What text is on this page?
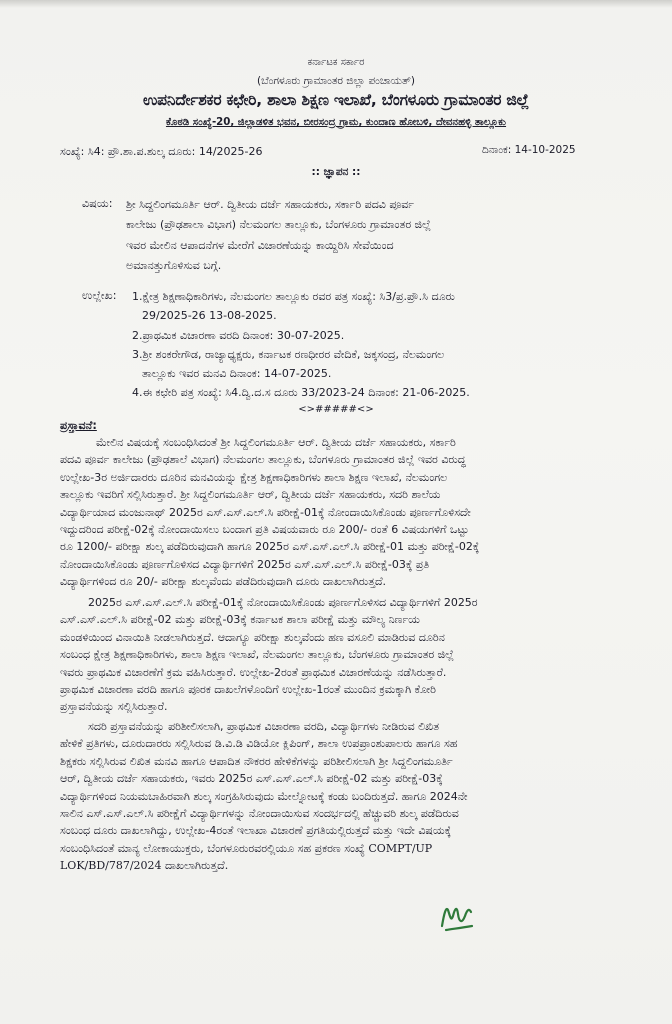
ಕರ್ನಾಟಕ ಸರ್ಕಾರ
(ಬೆಂಗಳೂರು ಗ್ರಾಮಾಂತರ ಜಿಲ್ಲಾ ಪಂಚಾಯತ್)
ಉಪನಿರ್ದೇಶಕರ ಕಛೇರಿ, ಶಾಲಾ ಶಿಕ್ಷಣ ಇಲಾಖೆ, ಬೆಂಗಳೂರು ಗ್ರಾಮಾಂತರ ಜಿಲ್ಲೆ
ಕೊಠಡಿ ಸಂಖ್ಯೆ-20, ಜಿಲ್ಲಾಡಳಿತ ಭವನ, ಬೀರಸಂದ್ರ ಗ್ರಾಮ, ಕುಂದಾಣ ಹೋಬಳಿ, ದೇವನಹಳ್ಳಿ ತಾಲ್ಲೂಕು
ಸಂಖ್ಯೆ: ಸಿ4: ಪ್ರೌ.ಶಾ.ಪ.ಶುಲ್ಕ ದೂರು: 14/2025-26	ದಿನಾಂಕ: 14-10-2025
:: ಜ್ಞಾಪನ ::
ವಿಷಯ: ಶ್ರೀ ಸಿದ್ದಲಿಂಗಮೂರ್ತಿ ಆರ್. ದ್ವಿತೀಯ ದರ್ಜೆ ಸಹಾಯಕರು, ಸರ್ಕಾರಿ ಪದವಿ ಪೂರ್ವ
ಕಾಲೇಜು (ಪ್ರೌಢಶಾಲಾ ವಿಭಾಗ) ನೆಲಮಂಗಲ ತಾಲ್ಲೂಕು, ಬೆಂಗಳೂರು ಗ್ರಾಮಾಂತರ ಜಿಲ್ಲೆ
ಇವರ ಮೇಲಿನ ಆಪಾದನೆಗಳ ಮೇರೆಗೆ ವಿಚಾರಣೆಯನ್ನು ಕಾಯ್ದಿರಿಸಿ ಸೇವೆಯಿಂದ
ಅಮಾನತ್ತುಗೊಳಿಸುವ ಬಗ್ಗೆ.
ಉಲ್ಲೇಖ: 1.ಕ್ಷೇತ್ರ ಶಿಕ್ಷಣಾಧಿಕಾರಿಗಳು, ನೆಲಮಂಗಲ ತಾಲ್ಲೂಕು ರವರ ಪತ್ರ ಸಂಖ್ಯೆ: ಸಿ3/ಪ್ರ.ಪ್ರೌ.ಸಿ ದೂರು
29/2025-26 13-08-2025.
2.ಪ್ರಾಥಮಿಕ ವಿಚಾರಣಾ ವರದಿ ದಿನಾಂಕ: 30-07-2025.
3.ಶ್ರೀ ಶಂಕರೇಗೌಡ, ರಾಜ್ಯಾಧ್ಯಕ್ಷರು, ಕರ್ನಾಟಕ ರಣಧೀರರ ವೇದಿಕೆ, ಜಕ್ಕಸಂದ್ರ, ನೆಲಮಂಗಲ
ತಾಲ್ಲೂಕು ಇವರ ಮನವಿ ದಿನಾಂಕ: 14-07-2025.
4.ಈ ಕಛೇರಿ ಪತ್ರ ಸಂಖ್ಯೆ: ಸಿ4.ದ್ವಿ.ದ.ಸ ದೂರು 33/2023-24 ದಿನಾಂಕ: 21-06-2025.
<>#####<>
ಪ್ರಸ್ತಾವನೆ:
ಮೇಲಿನ ವಿಷಯಕ್ಕೆ ಸಂಬಂಧಿಸಿದಂತೆ ಶ್ರೀ ಸಿದ್ದಲಿಂಗಮೂರ್ತಿ ಆರ್. ದ್ವಿತೀಯ ದರ್ಜೆ ಸಹಾಯಕರು, ಸರ್ಕಾರಿ
ಪದವಿ ಪೂರ್ವ ಕಾಲೇಜು (ಪ್ರೌಢಶಾಲೆ ವಿಭಾಗ) ನೆಲಮಂಗಲ ತಾಲ್ಲೂಕು, ಬೆಂಗಳೂರು ಗ್ರಾಮಾಂತರ ಜಿಲ್ಲೆ ಇವರ ವಿರುದ್ಧ
ಉಲ್ಲೇಖ-3ರ ಅರ್ಜಿದಾರರು ದೂರಿನ ಮನವಿಯನ್ನು ಕ್ಷೇತ್ರ ಶಿಕ್ಷಣಾಧಿಕಾರಿಗಳು ಶಾಲಾ ಶಿಕ್ಷಣ ಇಲಾಖೆ, ನೆಲಮಂಗಲ
ತಾಲ್ಲೂಕು ಇವರಿಗೆ ಸಲ್ಲಿಸಿರುತ್ತಾರೆ. ಶ್ರೀ ಸಿದ್ದಲಿಂಗಮೂರ್ತಿ ಆರ್, ದ್ವಿತೀಯ ದರ್ಜೆ ಸಹಾಯಕರು, ಸದರಿ ಶಾಲೆಯ
ವಿದ್ಯಾರ್ಥಿಯಾದ ಮಂಜುನಾಥ್ 2025ರ ಎಸ್.ಎಸ್.ಎಲ್.ಸಿ ಪರೀಕ್ಷೆ-01ಕ್ಕೆ ನೋಂದಾಯಿಸಿಕೊಂಡು ಪೂರ್ಣಗೊಳಿಸದೇ
ಇದ್ದುದರಿಂದ ಪರೀಕ್ಷೆ-02ಕ್ಕೆ ನೋಂದಾಯಿಸಲು ಬಂದಾಗ ಪ್ರತಿ ವಿಷಯವಾರು ರೂ 200/- ರಂತೆ 6 ವಿಷಯಗಳಿಗೆ ಒಟ್ಟು
ರೂ 1200/- ಪರೀಕ್ಷಾ ಶುಲ್ಕ ಪಡೆದಿರುವುದಾಗಿ ಹಾಗೂ 2025ರ ಎಸ್.ಎಸ್.ಎಲ್.ಸಿ ಪರೀಕ್ಷೆ-01 ಮತ್ತು ಪರೀಕ್ಷೆ-02ಕ್ಕೆ
ನೋಂದಾಯಿಸಿಕೊಂಡು ಪೂರ್ಣಗೊಳಿಸದ ವಿದ್ಯಾರ್ಥಿಗಳಿಗೆ 2025ರ ಎಸ್.ಎಸ್.ಎಲ್.ಸಿ ಪರೀಕ್ಷೆ-03ಕ್ಕೆ ಪ್ರತಿ
ವಿದ್ಯಾರ್ಥಿಗಳಿಂದ ರೂ 20/- ಪರೀಕ್ಷಾ ಶುಲ್ಕವೆಂದು ಪಡೆದಿರುವುದಾಗಿ ದೂರು ದಾಖಲಾಗಿರುತ್ತದೆ.
2025ರ ಎಸ್.ಎಸ್.ಎಲ್.ಸಿ ಪರೀಕ್ಷೆ-01ಕ್ಕೆ ನೋಂದಾಯಿಸಿಕೊಂಡು ಪೂರ್ಣಗೊಳಿಸದ ವಿದ್ಯಾರ್ಥಿಗಳಿಗೆ 2025ರ
ಎಸ್.ಎಸ್.ಎಲ್.ಸಿ ಪರೀಕ್ಷೆ-02 ಮತ್ತು ಪರೀಕ್ಷೆ-03ಕ್ಕೆ ಕರ್ನಾಟಕ ಶಾಲಾ ಪರೀಕ್ಷೆ ಮತ್ತು ಮೌಲ್ಯ ನಿರ್ಣಯ
ಮಂಡಳಿಯಿಂದ ವಿನಾಯಿತಿ ನೀಡಲಾಗಿರುತ್ತದೆ. ಆದಾಗ್ಯೂ ಪರೀಕ್ಷಾ ಶುಲ್ಕವೆಂದು ಹಣ ವಸೂಲಿ ಮಾಡಿರುವ ದೂರಿನ
ಸಂಬಂಧ ಕ್ಷೇತ್ರ ಶಿಕ್ಷಣಾಧಿಕಾರಿಗಳು, ಶಾಲಾ ಶಿಕ್ಷಣ ಇಲಾಖೆ, ನೆಲಮಂಗಲ ತಾಲ್ಲೂಕು, ಬೆಂಗಳೂರು ಗ್ರಾಮಾಂತರ ಜಿಲ್ಲೆ
ಇವರು ಪ್ರಾಥಮಿಕ ವಿಚಾರಣೆಗೆ ಕ್ರಮ ವಹಿಸಿರುತ್ತಾರೆ. ಉಲ್ಲೇಖ-2ರಂತೆ ಪ್ರಾಥಮಿಕ ವಿಚಾರಣೆಯನ್ನು ನಡೆಸಿರುತ್ತಾರೆ.
ಪ್ರಾಥಮಿಕ ವಿಚಾರಣಾ ವರದಿ ಹಾಗೂ ಪೂರಕ ದಾಖಲೆಗಳೊಂದಿಗೆ ಉಲ್ಲೇಖ-1ರಂತೆ ಮುಂದಿನ ಕ್ರಮಕ್ಕಾಗಿ ಕೋರಿ
ಪ್ರಸ್ತಾವನೆಯನ್ನು ಸಲ್ಲಿಸಿರುತ್ತಾರೆ.
ಸದರಿ ಪ್ರಸ್ತಾವನೆಯನ್ನು ಪರಿಶೀಲಿಸಲಾಗಿ, ಪ್ರಾಥಮಿಕ ವಿಚಾರಣಾ ವರದಿ, ವಿದ್ಯಾರ್ಥಿಗಳು ನೀಡಿರುವ ಲಿಖಿತ
ಹೇಳಿಕೆ ಪ್ರತಿಗಳು, ದೂರುದಾರರು ಸಲ್ಲಿಸಿರುವ ಡಿ.ವಿ.ಡಿ ವಿಡಿಯೋ ಕ್ಲಿಪಿಂಗ್, ಶಾಲಾ ಉಪಪ್ರಾಂಶುಪಾಲರು ಹಾಗೂ ಸಹ
ಶಿಕ್ಷಕರು ಸಲ್ಲಿಸಿರುವ ಲಿಖಿತ ಮನವಿ ಹಾಗೂ ಆಪಾದಿತ ನೌಕರರ ಹೇಳಿಕೆಗಳನ್ನು ಪರಿಶೀಲಿಸಲಾಗಿ ಶ್ರೀ ಸಿದ್ದಲಿಂಗಮೂರ್ತಿ
ಆರ್, ದ್ವಿತೀಯ ದರ್ಜೆ ಸಹಾಯಕರು, ಇವರು 2025ರ ಎಸ್.ಎಸ್.ಎಲ್.ಸಿ ಪರೀಕ್ಷೆ-02 ಮತ್ತು ಪರೀಕ್ಷೆ-03ಕ್ಕೆ
ವಿದ್ಯಾರ್ಥಿಗಳಿಂದ ನಿಯಮಬಾಹಿರವಾಗಿ ಶುಲ್ಕ ಸಂಗ್ರಹಿಸಿರುವುದು ಮೇಲ್ನೋಟಕ್ಕೆ ಕಂಡು ಬಂದಿರುತ್ತದೆ. ಹಾಗೂ 2024ನೇ
ಸಾಲಿನ ಎಸ್.ಎಸ್.ಎಲ್.ಸಿ ಪರೀಕ್ಷೆಗೆ ವಿದ್ಯಾರ್ಥಿಗಳನ್ನು ನೋಂದಾಯಿಸುವ ಸಂದರ್ಭದಲ್ಲಿ ಹೆಚ್ಚುವರಿ ಶುಲ್ಕ ಪಡೆದಿರುವ
ಸಂಬಂಧ ದೂರು ದಾಖಲಾಗಿದ್ದು, ಉಲ್ಲೇಖ-4ರಂತೆ ಇಲಾಖಾ ವಿಚಾರಣೆ ಪ್ರಗತಿಯಲ್ಲಿರುತ್ತದೆ ಮತ್ತು ಇದೇ ವಿಷಯಕ್ಕೆ
ಸಂಬಂಧಿಸಿದಂತೆ ಮಾನ್ಯ ಲೋಕಾಯುಕ್ತರು, ಬೆಂಗಳೂರುರವರಲ್ಲಿಯೂ ಸಹ ಪ್ರಕರಣ ಸಂಖ್ಯೆ COMPT/UP
LOK/BD/787/2024 ದಾಖಲಾಗಿರುತ್ತದೆ.
